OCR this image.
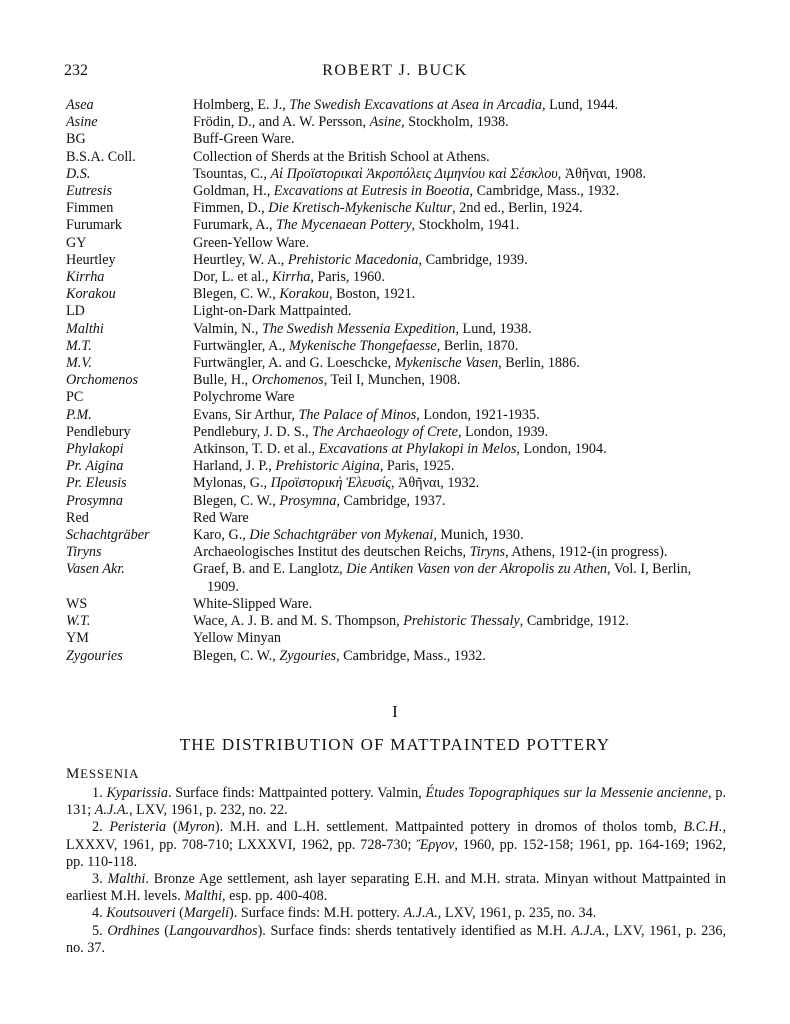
232	ROBERT J. BUCK
Asea	Holmberg, E. J., The Swedish Excavations at Asea in Arcadia, Lund, 1944.
Asine	Frödin, D., and A. W. Persson, Asine, Stockholm, 1938.
BG	Buff-Green Ware.
B.S.A. Coll.	Collection of Sherds at the British School at Athens.
D.S.	Tsountas, C., Αἱ Προϊστορικαὶ Ἀκροπόλεις Διμηνίου καὶ Σέσκλου, Ἀθῆναι, 1908.
Eutresis	Goldman, H., Excavations at Eutresis in Boeotia, Cambridge, Mass., 1932.
Fimmen	Fimmen, D., Die Kretisch-Mykenische Kultur, 2nd ed., Berlin, 1924.
Furumark	Furumark, A., The Mycenaean Pottery, Stockholm, 1941.
GY	Green-Yellow Ware.
Heurtley	Heurtley, W. A., Prehistoric Macedonia, Cambridge, 1939.
Kirrha	Dor, L. et al., Kirrha, Paris, 1960.
Korakou	Blegen, C. W., Korakou, Boston, 1921.
LD	Light-on-Dark Mattpainted.
Malthi	Valmin, N., The Swedish Messenia Expedition, Lund, 1938.
M.T.	Furtwängler, A., Mykenische Thongefaesse, Berlin, 1870.
M.V.	Furtwängler, A. and G. Loeschcke, Mykenische Vasen, Berlin, 1886.
Orchomenos	Bulle, H., Orchomenos, Teil I, Munchen, 1908.
PC	Polychrome Ware
P.M.	Evans, Sir Arthur, The Palace of Minos, London, 1921-1935.
Pendlebury	Pendlebury, J. D. S., The Archaeology of Crete, London, 1939.
Phylakopi	Atkinson, T. D. et al., Excavations at Phylakopi in Melos, London, 1904.
Pr. Aigina	Harland, J. P., Prehistoric Aigina, Paris, 1925.
Pr. Eleusis	Mylonas, G., Προϊστορικὴ Ἐλευσίς, Ἀθῆναι, 1932.
Prosymna	Blegen, C. W., Prosymna, Cambridge, 1937.
Red	Red Ware
Schachtgräber	Karo, G., Die Schachtgräber von Mykenai, Munich, 1930.
Tiryns	Archaeologisches Institut des deutschen Reichs, Tiryns, Athens, 1912-(in progress).
Vasen Akr.	Graef, B. and E. Langlotz, Die Antiken Vasen von der Akropolis zu Athen, Vol. I, Berlin, 1909.
WS	White-Slipped Ware.
W.T.	Wace, A. J. B. and M. S. Thompson, Prehistoric Thessaly, Cambridge, 1912.
YM	Yellow Minyan
Zygouries	Blegen, C. W., Zygouries, Cambridge, Mass., 1932.
I
THE DISTRIBUTION OF MATTPAINTED POTTERY
MESSENIA
1. Kyparissia. Surface finds: Mattpainted pottery. Valmin, Études Topographiques sur la Messenie ancienne, p. 131; A.J.A., LXV, 1961, p. 232, no. 22.
2. Peristeria (Myron). M.H. and L.H. settlement. Mattpainted pottery in dromos of tholos tomb, B.C.H., LXXXV, 1961, pp. 708-710; LXXXVI, 1962, pp. 728-730; Ἔργον, 1960, pp. 152-158; 1961, pp. 164-169; 1962, pp. 110-118.
3. Malthi. Bronze Age settlement, ash layer separating E.H. and M.H. strata. Minyan without Mattpainted in earliest M.H. levels. Malthi, esp. pp. 400-408.
4. Koutsouveri (Margeli). Surface finds: M.H. pottery. A.J.A., LXV, 1961, p. 235, no. 34.
5. Ordhines (Langouvardhos). Surface finds: sherds tentatively identified as M.H. A.J.A., LXV, 1961, p. 236, no. 37.
